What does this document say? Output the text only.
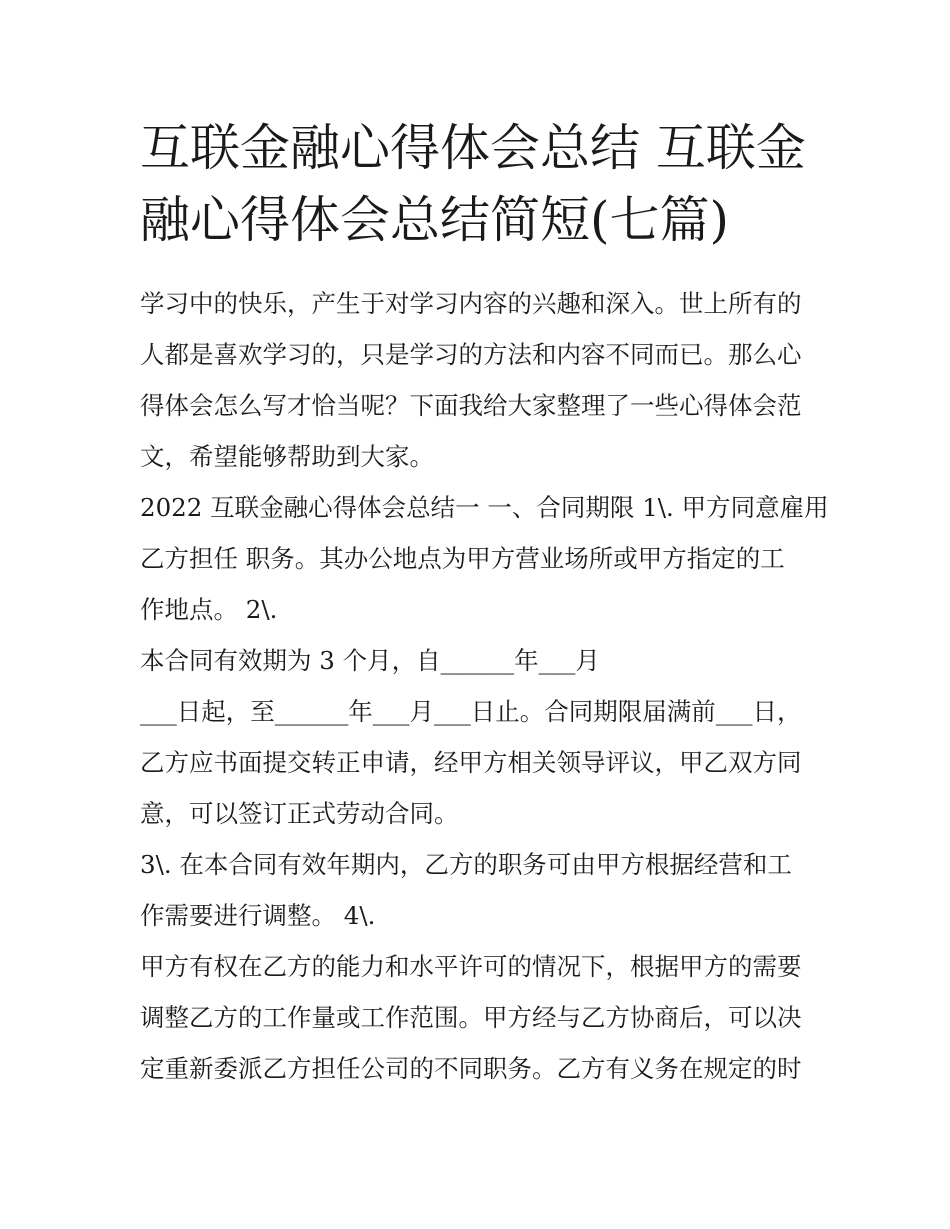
互联金融心得体会总结 互联金
融心得体会总结简短(七篇)

学习中的快乐，产生于对学习内容的兴趣和深入。世上所有的
人都是喜欢学习的，只是学习的方法和内容不同而已。那么心
得体会怎么写才恰当呢？下面我给大家整理了一些心得体会范
文，希望能够帮助到大家。

2022 互联金融心得体会总结一 一、合同期限 1\. 甲方同意雇用
乙方担任 职务。其办公地点为甲方营业场所或甲方指定的工
作地点。 2\.

本合同有效期为 3 个月，自______年___月
___日起，至______年___月___日止。合同期限届满前___日，
乙方应书面提交转正申请，经甲方相关领导评议，甲乙双方同
意，可以签订正式劳动合同。

3\. 在本合同有效年期内，乙方的职务可由甲方根据经营和工
作需要进行调整。 4\.

甲方有权在乙方的能力和水平许可的情况下，根据甲方的需要
调整乙方的工作量或工作范围。甲方经与乙方协商后，可以决
定重新委派乙方担任公司的不同职务。乙方有义务在规定的时
